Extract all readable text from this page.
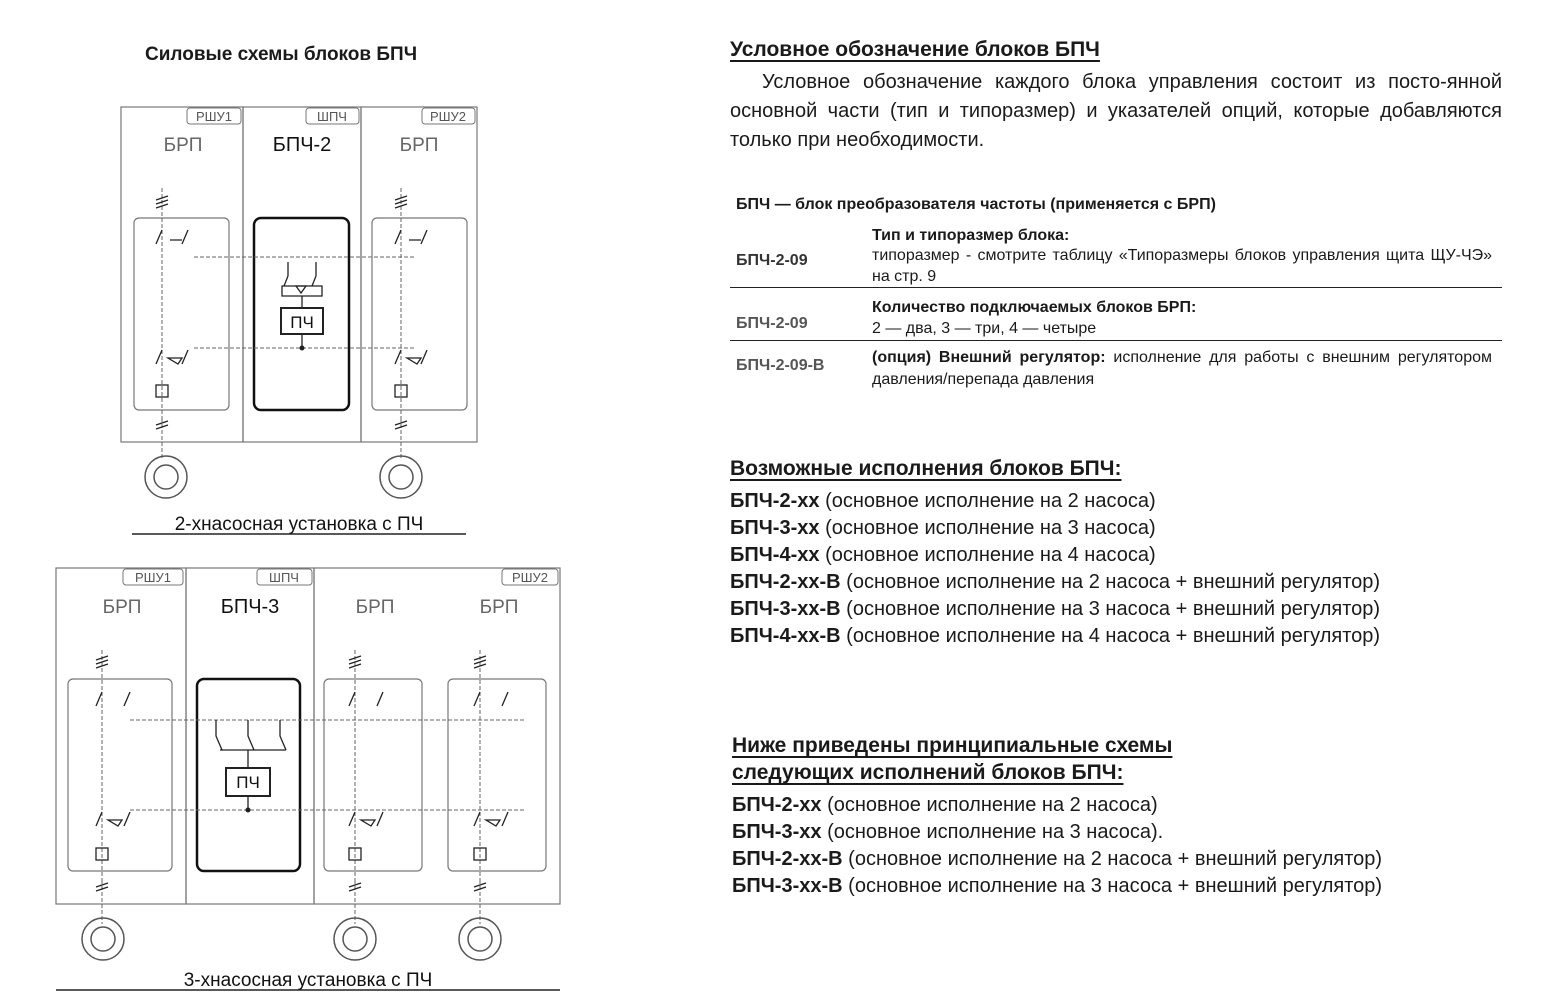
Силовые схемы блоков БПЧ
РШУ1	ШПЧ	РШУ2
БРП	БПЧ-2	БРП
ПЧ
2-хнасосная установка с ПЧ
РШУ1	ШПЧ	РШУ2
БРП	БПЧ-3	БРП	БРП
ПЧ
3-хнасосная установка с ПЧ
Условное обозначение блоков БПЧ
Условное обозначение каждого блока управления состоит из посто-янной основной части (тип и типоразмер) и указателей опций, которые добавляются только при необходимости.
БПЧ — блок преобразователя частоты (применяется с БРП)
БПЧ-2-09
Тип и типоразмер блока:
типоразмер - смотрите таблицу «Типоразмеры блоков управления щита ЩУ-ЧЭ» на стр. 9
БПЧ-2-09
Количество подключаемых блоков БРП:
2 — два, 3 — три, 4 — четыре
БПЧ-2-09-В	(опция) Внешний регулятор: исполнение для работы с внешним регулятором давления/перепада давления
Возможные исполнения блоков БПЧ:
БПЧ-2-хх (основное исполнение на 2 насоса)
БПЧ-3-хх (основное исполнение на 3 насоса)
БПЧ-4-хх (основное исполнение на 4 насоса)
БПЧ-2-хх-В (основное исполнение на 2 насоса + внешний регулятор)
БПЧ-3-хх-В (основное исполнение на 3 насоса + внешний регулятор)
БПЧ-4-хх-В (основное исполнение на 4 насоса + внешний регулятор)
Ниже приведены принципиальные схемы
следующих исполнений блоков БПЧ:
БПЧ-2-хх (основное исполнение на 2 насоса)
БПЧ-3-хх (основное исполнение на 3 насоса).
БПЧ-2-хх-В (основное исполнение на 2 насоса + внешний регулятор)
БПЧ-3-хх-В (основное исполнение на 3 насоса + внешний регулятор)
